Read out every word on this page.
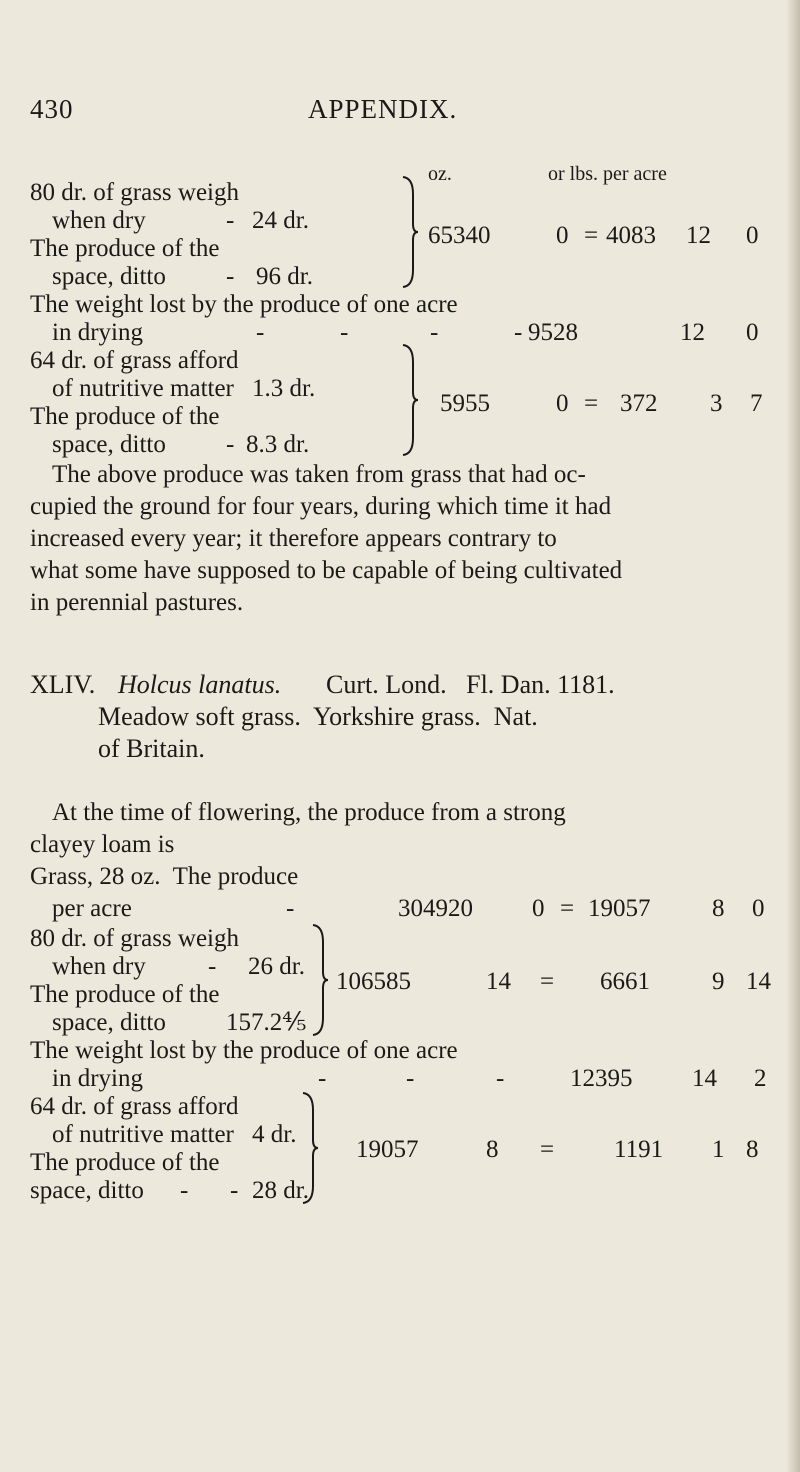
430	APPENDIX.
oz.	or lbs. per acre
80 dr. of grass weigh
when dry	- 24 dr.
The produce of the
space, ditto - 96 dr.
65340	0 = 4083 12 0
The weight lost by the produce of one acre
in drying	-	-	-	- 9528	12 0
64 dr. of grass afford
of nutritive matter 1.3 dr.
The produce of the
space, ditto - 8.3 dr.
5955	0 = 372 3 7
The above produce was taken from grass that had oc-
cupied the ground for four years, during which time it had
increased every year; it therefore appears contrary to
what some have supposed to be capable of being cultivated
in perennial pastures.
XLIV. Holcus lanatus. Curt. Lond.   Fl. Dan. 1181.
Meadow soft grass.  Yorkshire grass.  Nat.
of Britain.
At the time of flowering, the produce from a strong
clayey loam is
Grass, 28 oz.  The produce
per acre	-	304920 0 = 19057 8 0
80 dr. of grass weigh
when dry - 26 dr.
The produce of the
space, ditto 157.2⅘
106585	14 = 6661 9 14
The weight lost by the produce of one acre
in drying	-	-	-	12395 14 2
64 dr. of grass afford
of nutritive matter 4 dr.
The produce of the
space, ditto - - 28 dr.
19057	8 = 1191 1 8
